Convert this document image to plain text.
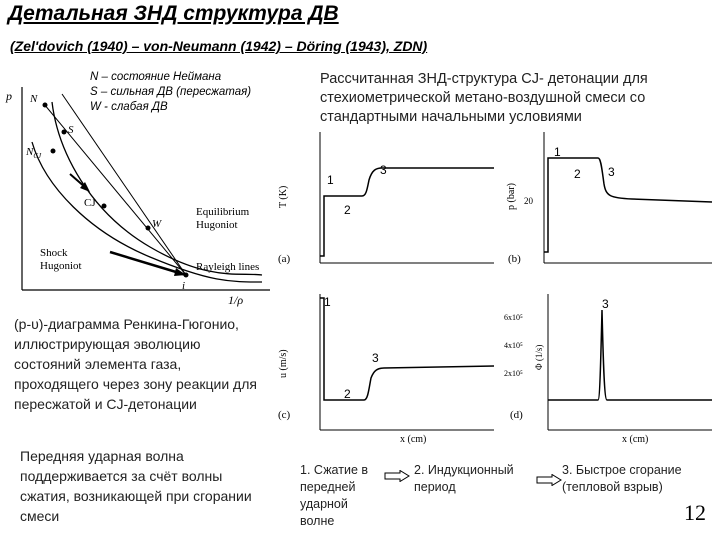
Детальная ЗНД структура ДВ
(Zel'dovich (1940) – von-Neumann (1942) – Döring (1943), ZDN)
N – состояние Неймана
S – сильная ДВ (пересжатая)
W - слабая ДВ
Рассчитанная ЗНД-структура CJ- детонации для стехиометрической метано-воздушной смеси со стандартными начальными условиями
p
1/ρ
N
S
$N_{CJ}$
CJ
W
i
Equilibrium
Hugoniot
Shock
Hugoniot	Rayleigh lines
(p-υ)-диаграмма Ренкина-Гюгонио, иллюстрирующая эволюцию состояний элемента газа, проходящего через зону реакции для пересжатой и CJ-детонации
Передняя ударная волна поддерживается за счёт волны сжатия, возникающей при сгорании смеси
T (K)
(a)
1
2
3
p (bar) 20
(b)
1
2 3
u (m/s)
(c)
x (cm)
1
2
3
6x10⁵
4x10⁵
2x10⁵
Φ (1/s)
(d)
x (cm)
3
1. Сжатие в передней ударной волне
2. Индукционный период
3. Быстрое сгорание (тепловой взрыв)
12
